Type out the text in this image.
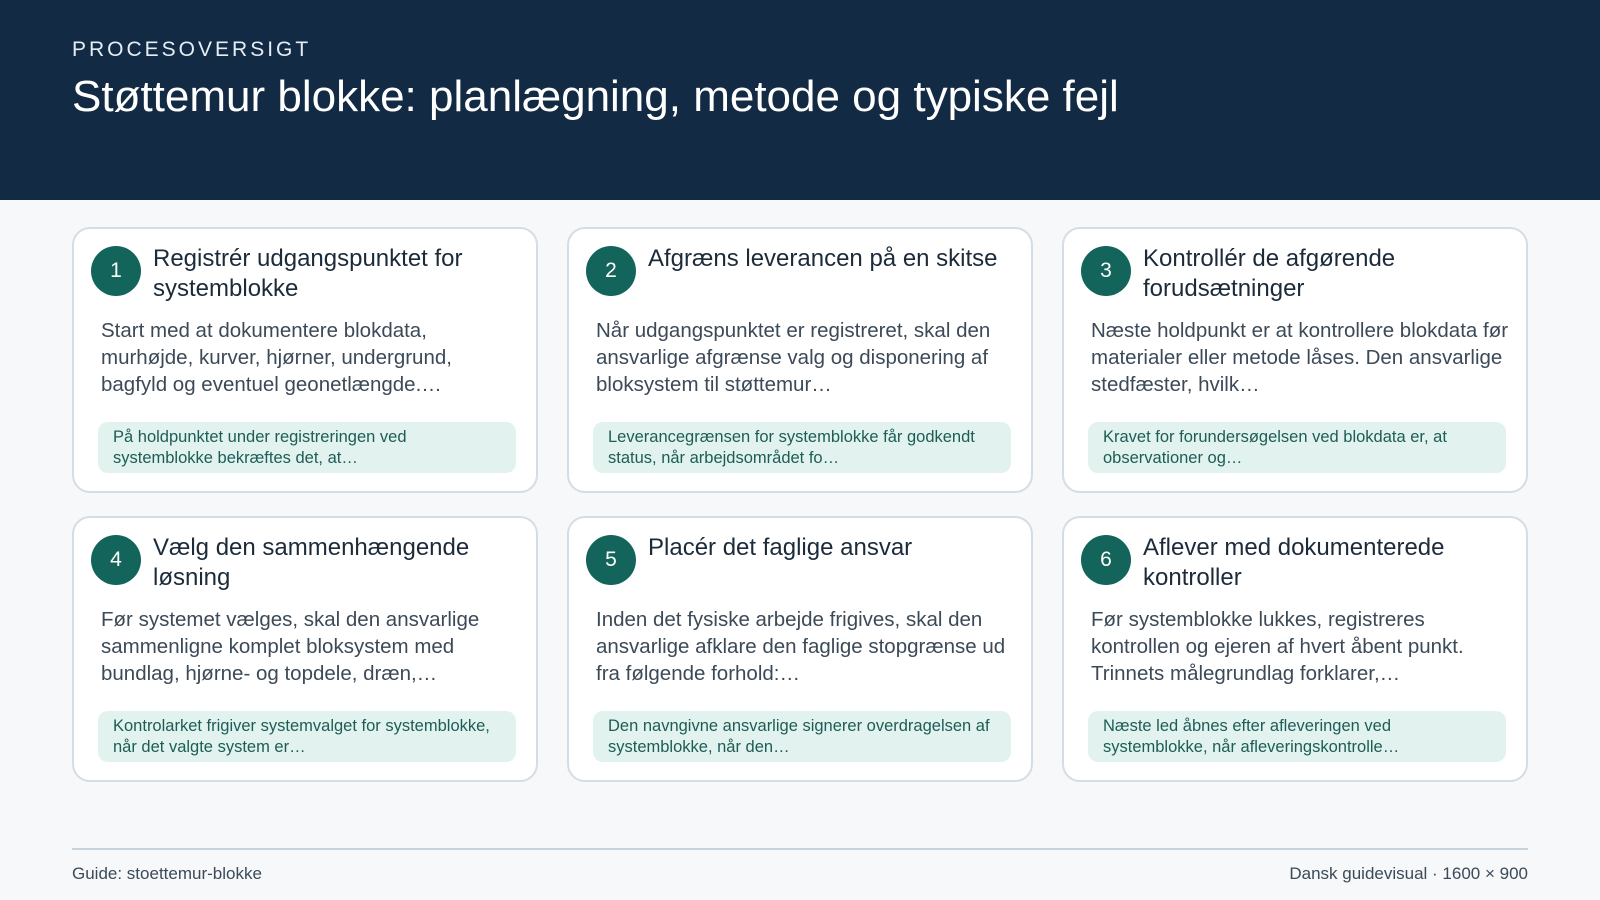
PROCESOVERSIGT
Støttemur blokke: planlægning, metode og typiske fejl
1	Registrér udgangspunktet for systemblokke
Start med at dokumentere blokdata, murhøjde, kurver, hjørner, undergrund, bagfyld og eventuel geonetlængde.…
På holdpunktet under registreringen ved systemblokke bekræftes det, at…
2	Afgræns leverancen på en skitse
Når udgangspunktet er registreret, skal den ansvarlige afgrænse valg og disponering af bloksystem til støttemur…
Leverancegrænsen for systemblokke får godkendt status, når arbejdsområdet fo…
3	Kontrollér de afgørende forudsætninger
Næste holdpunkt er at kontrollere blokdata før materialer eller metode låses. Den ansvarlige stedfæster, hvilk…
Kravet for forundersøgelsen ved blokdata er, at observationer og…
4	Vælg den sammenhængende løsning
Før systemet vælges, skal den ansvarlige sammenligne komplet bloksystem med bundlag, hjørne- og topdele, dræn,…
Kontrolarket frigiver systemvalget for systemblokke, når det valgte system er…
5	Placér det faglige ansvar
Inden det fysiske arbejde frigives, skal den ansvarlige afklare den faglige stopgrænse ud fra følgende forhold:…
Den navngivne ansvarlige signerer overdragelsen af systemblokke, når den…
6	Aflever med dokumenterede kontroller
Før systemblokke lukkes, registreres kontrollen og ejeren af hvert åbent punkt. Trinnets målegrundlag forklarer,…
Næste led åbnes efter afleveringen ved systemblokke, når afleveringskontrolle…
Guide: stoettemur-blokke	Dansk guidevisual · 1600 × 900
